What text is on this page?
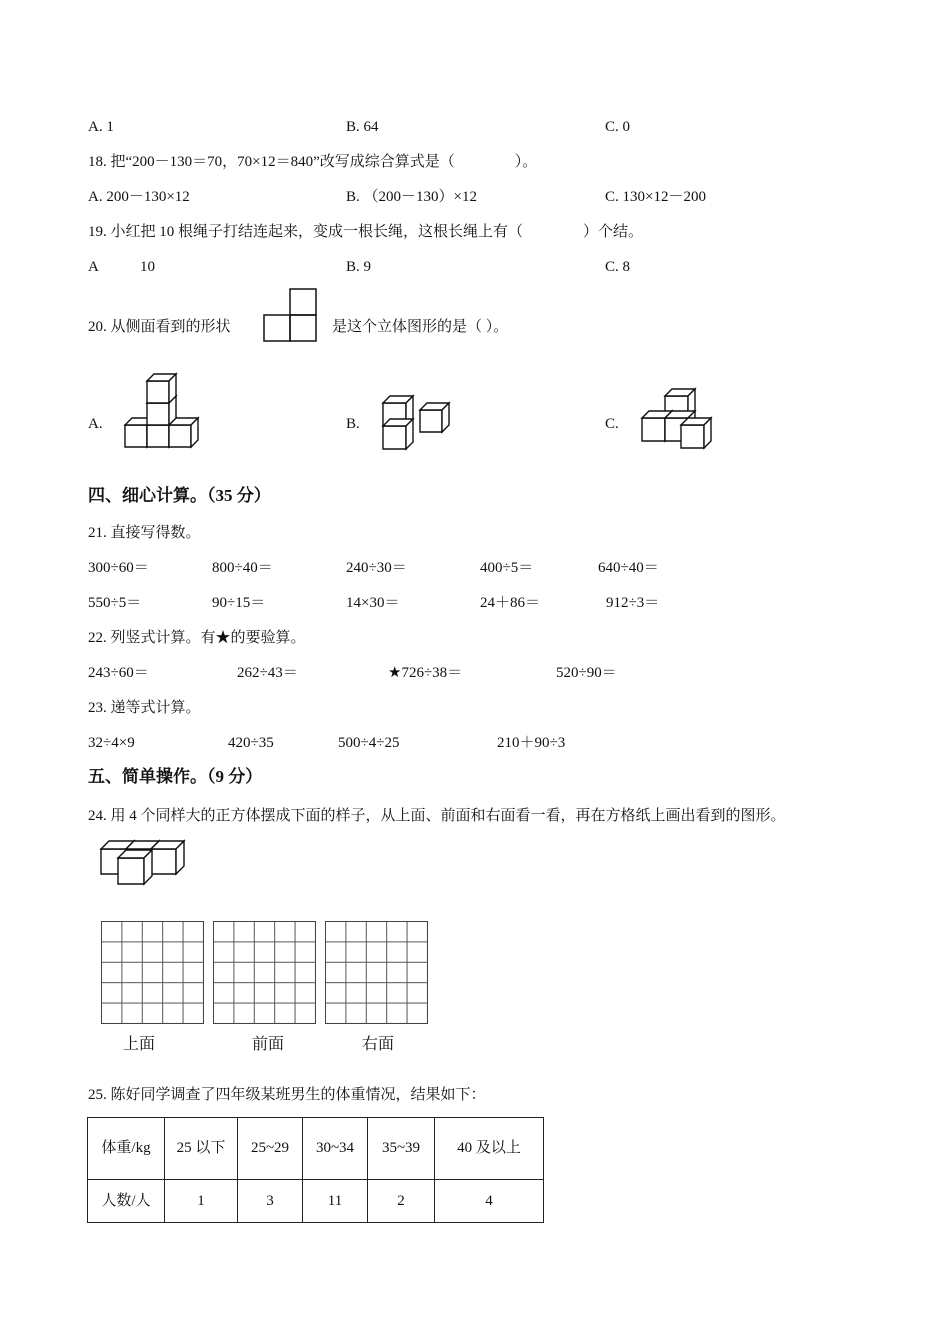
A. 1	B. 64	C. 0
18. 把“200－130＝70，70×12＝840”改写成综合算式是（　　　　）。
A. 200－130×12	B. （200－130）×12	C. 130×12－200
19. 小红把 10 根绳子打结连起来，变成一根长绳，这根长绳上有（　　　　）个结。
A	10	B. 9	C. 8
20. 从侧面看到的形状	是这个立体图形的是（ ）。
A.	B.	C.
四、细心计算。（35 分）
21. 直接写得数。
300÷60＝	800÷40＝	240÷30＝	400÷5＝	640÷40＝
550÷5＝	90÷15＝	14×30＝	24＋86＝	912÷3＝
22. 列竖式计算。有★的要验算。
243÷60＝	262÷43＝	★726÷38＝	520÷90＝
23. 递等式计算。
32÷4×9	420÷35	500÷4÷25	210＋90÷3
五、简单操作。（9 分）
24. 用 4 个同样大的正方体摆成下面的样子，从上面、前面和右面看一看，再在方格纸上画出看到的图形。
上面	前面	右面
25. 陈好同学调查了四年级某班男生的体重情况，结果如下：
体重/kg	25 以下	25~29	30~34	35~39	40 及以上
人数/人	1	3	11	2	4
